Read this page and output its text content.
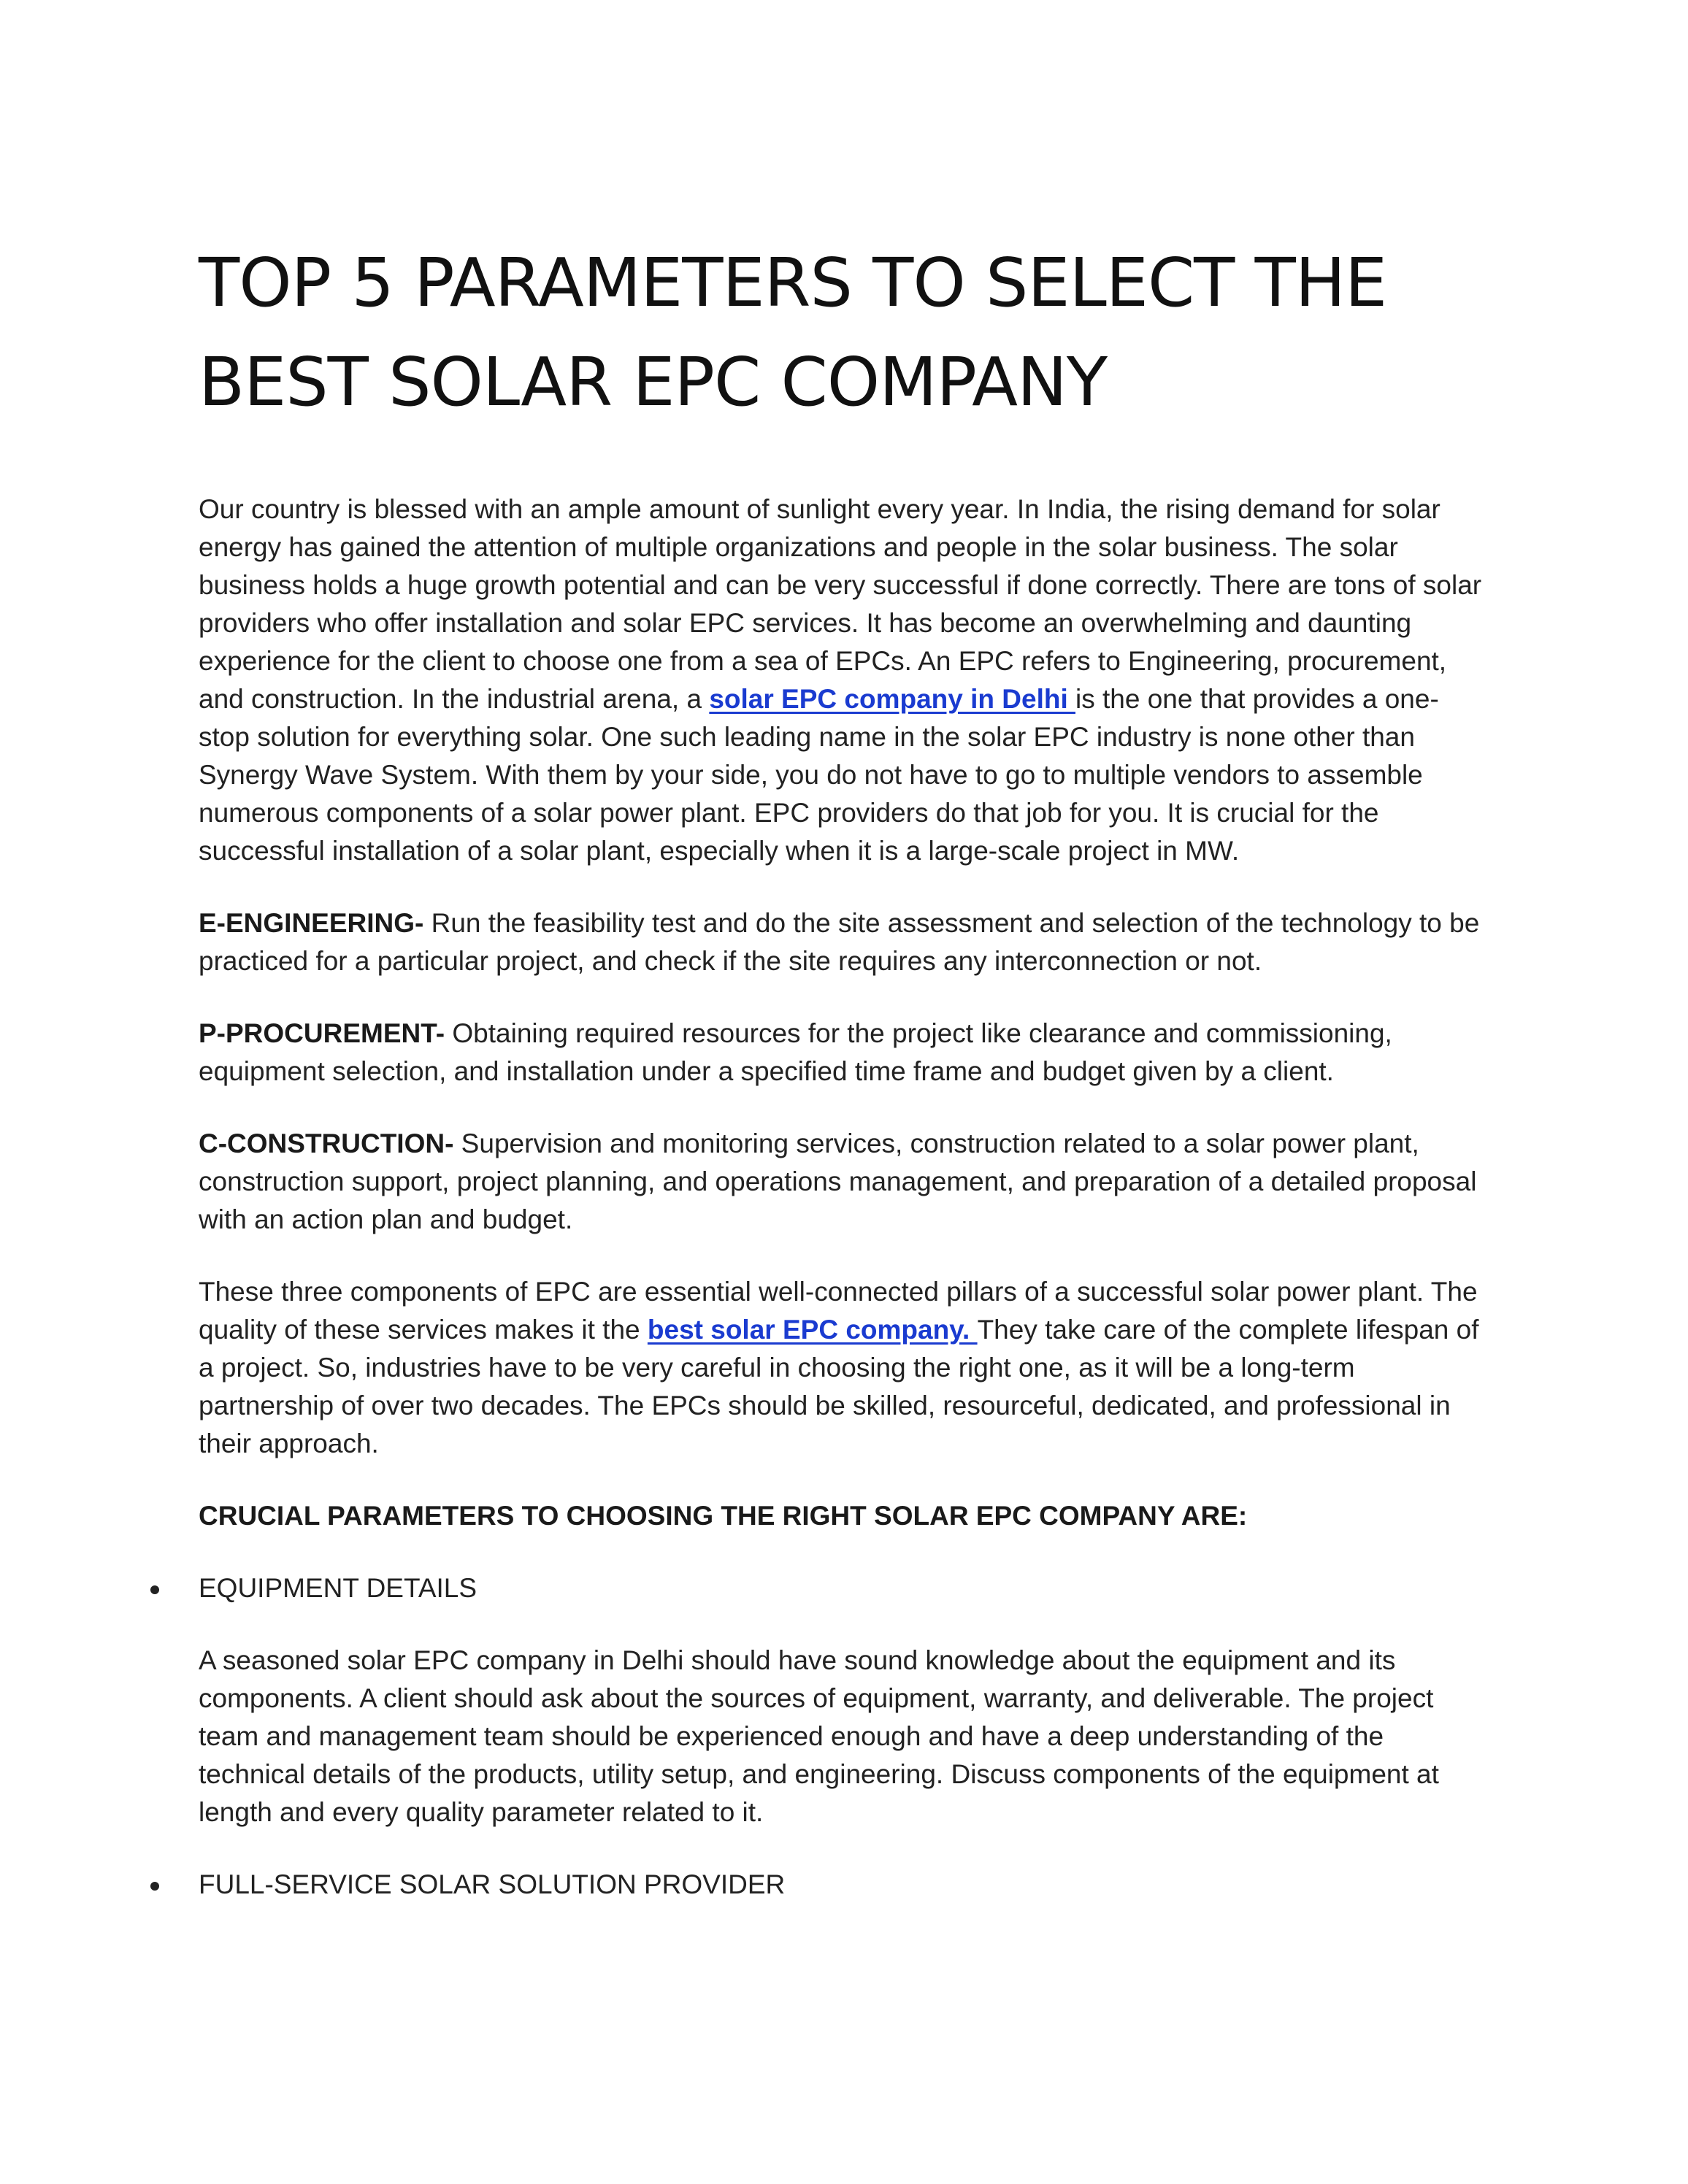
TOP 5 PARAMETERS TO SELECT THE BEST SOLAR EPC COMPANY

Our country is blessed with an ample amount of sunlight every year. In India, the rising demand for solar energy has gained the attention of multiple organizations and people in the solar business. The solar business holds a huge growth potential and can be very successful if done correctly. There are tons of solar providers who offer installation and solar EPC services. It has become an overwhelming and daunting experience for the client to choose one from a sea of EPCs. An EPC refers to Engineering, procurement, and construction. In the industrial arena, a solar EPC company in Delhi is the one that provides a one-stop solution for everything solar. One such leading name in the solar EPC industry is none other than Synergy Wave System. With them by your side, you do not have to go to multiple vendors to assemble numerous components of a solar power plant. EPC providers do that job for you. It is crucial for the successful installation of a solar plant, especially when it is a large-scale project in MW.

E-ENGINEERING- Run the feasibility test and do the site assessment and selection of the technology to be practiced for a particular project, and check if the site requires any interconnection or not.

P-PROCUREMENT- Obtaining required resources for the project like clearance and commissioning, equipment selection, and installation under a specified time frame and budget given by a client.

C-CONSTRUCTION- Supervision and monitoring services, construction related to a solar power plant, construction support, project planning, and operations management, and preparation of a detailed proposal with an action plan and budget.

These three components of EPC are essential well-connected pillars of a successful solar power plant. The quality of these services makes it the best solar EPC company. They take care of the complete lifespan of a project. So, industries have to be very careful in choosing the right one, as it will be a long-term partnership of over two decades. The EPCs should be skilled, resourceful, dedicated, and professional in their approach.

CRUCIAL PARAMETERS TO CHOOSING THE RIGHT SOLAR EPC COMPANY ARE:
EQUIPMENT DETAILS

A seasoned solar EPC company in Delhi should have sound knowledge about the equipment and its components. A client should ask about the sources of equipment, warranty, and deliverable. The project team and management team should be experienced enough and have a deep understanding of the technical details of the products, utility setup, and engineering. Discuss components of the equipment at length and every quality parameter related to it.

FULL-SERVICE SOLAR SOLUTION PROVIDER
